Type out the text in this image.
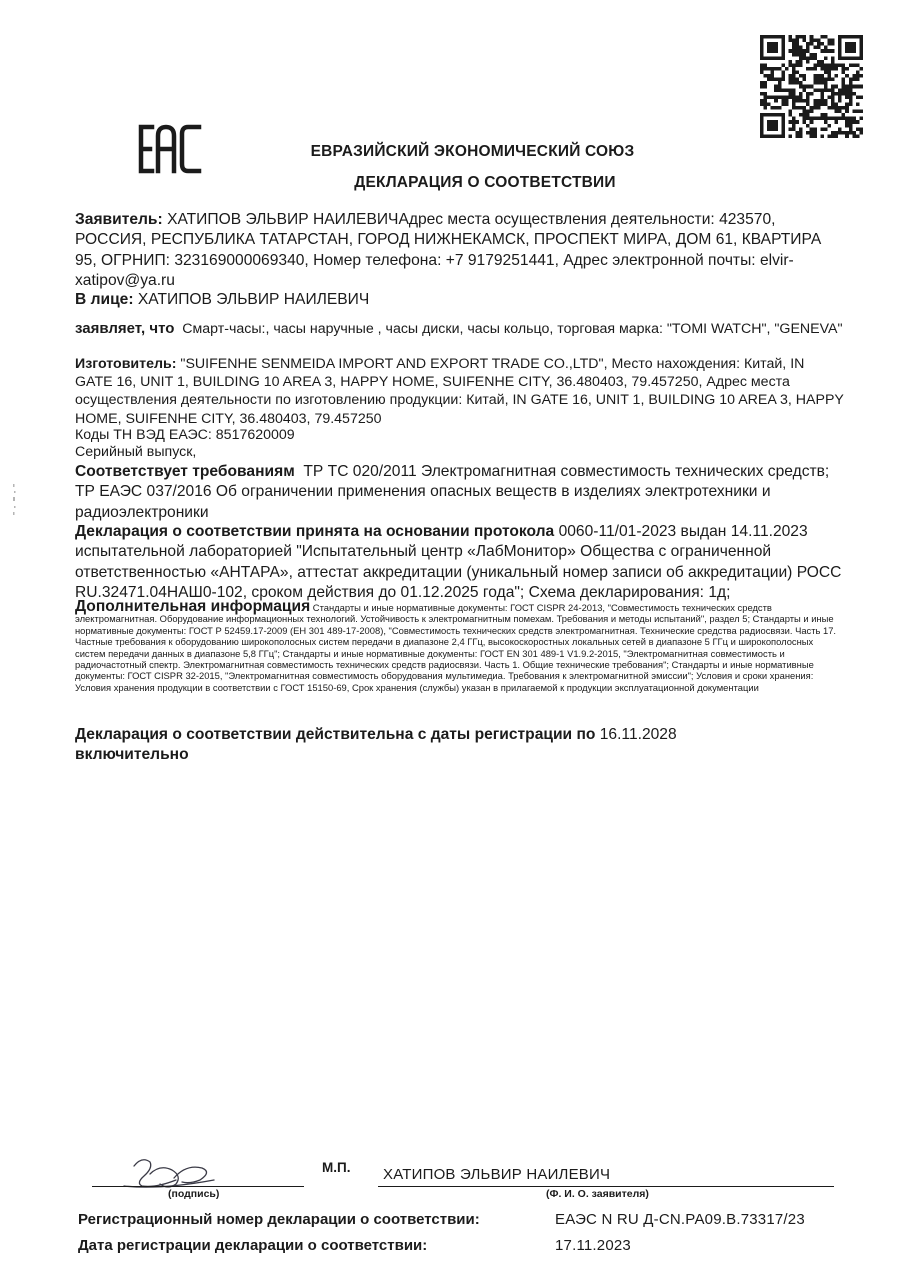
ЕВРАЗИЙСКИЙ ЭКОНОМИЧЕСКИЙ СОЮЗ
ДЕКЛАРАЦИЯ О СООТВЕТСТВИИ
Заявитель: ХАТИПОВ ЭЛЬВИР НАИЛЕВИЧАдрес места осуществления деятельности: 423570, РОССИЯ, РЕСПУБЛИКА ТАТАРСТАН, ГОРОД НИЖНЕКАМСК, ПРОСПЕКТ МИРА, ДОМ 61, КВАРТИРА 95, ОГРНИП: 323169000069340, Номер телефона: +7 9179251441, Адрес электронной почты: elvir-xatipov@ya.ru
В лице: ХАТИПОВ ЭЛЬВИР НАИЛЕВИЧ
заявляет, что Смарт-часы:, часы наручные , часы диски, часы кольцо, торговая марка: "TOMI WATCH", "GENEVA"
Изготовитель: "SUIFENHE SENMEIDA IMPORT AND EXPORT TRADE CO.,LTD", Место нахождения: Китай, IN GATE 16, UNIT 1, BUILDING 10 AREA 3, HAPPY HOME, SUIFENHE CITY, 36.480403, 79.457250, Адрес места осуществления деятельности по изготовлению продукции: Китай, IN GATE 16, UNIT 1, BUILDING 10 AREA 3, HAPPY HOME, SUIFENHE CITY, 36.480403, 79.457250
Коды ТН ВЭД ЕАЭС: 8517620009
Серийный выпуск,
Соответствует требованиям ТР ТС 020/2011 Электромагнитная совместимость технических средств; ТР ЕАЭС 037/2016 Об ограничении применения опасных веществ в изделиях электротехники и радиоэлектроники
Декларация о соответствии принята на основании протокола 0060-11/01-2023 выдан 14.11.2023 испытательной лабораторией "Испытательный центр «ЛабМонитор» Общества с ограниченной ответственностью «АНТАРА», аттестат аккредитации (уникальный номер записи об аккредитации) РОСС RU.32471.04НАШ0-102, сроком действия до 01.12.2025 года"; Схема декларирования: 1д;
Дополнительная информация Стандарты и иные нормативные документы: ГОСТ CISPR 24-2013, "Совместимость технических средств электромагнитная. Оборудование информационных технологий. Устойчивость к электромагнитным помехам. Требования и методы испытаний", раздел 5; Стандарты и иные нормативные документы: ГОСТ Р 52459.17-2009 (ЕН 301 489-17-2008), "Совместимость технических средств электромагнитная. Технические средства радиосвязи. Часть 17. Частные требования к оборудованию широкополосных систем передачи в диапазоне 2,4 ГГц, высокоскоростных локальных сетей в диапазоне 5 ГГц и широкополосных систем передачи данных в диапазоне 5,8 ГГц"; Стандарты и иные нормативные документы: ГОСТ EN 301 489-1 V1.9.2-2015, "Электромагнитная совместимость и радиочастотный спектр. Электромагнитная совместимость технических средств радиосвязи. Часть 1. Общие технические требования"; Стандарты и иные нормативные документы: ГОСТ CISPR 32-2015, "Электромагнитная совместимость оборудования мультимедиа. Требования к электромагнитной эмиссии"; Условия и сроки хранения: Условия хранения продукции в соответствии с ГОСТ 15150-69, Срок хранения (службы) указан в прилагаемой к продукции эксплуатационной документации
Декларация о соответствии действительна с даты регистрации по 16.11.2028
включительно
М.П. ХАТИПОВ ЭЛЬВИР НАИЛЕВИЧ
(подпись)	(Ф. И. О. заявителя)
Регистрационный номер декларации о соответствии:	ЕАЭС N RU Д-CN.РА09.В.73317/23
Дата регистрации декларации о соответствии:	17.11.2023
